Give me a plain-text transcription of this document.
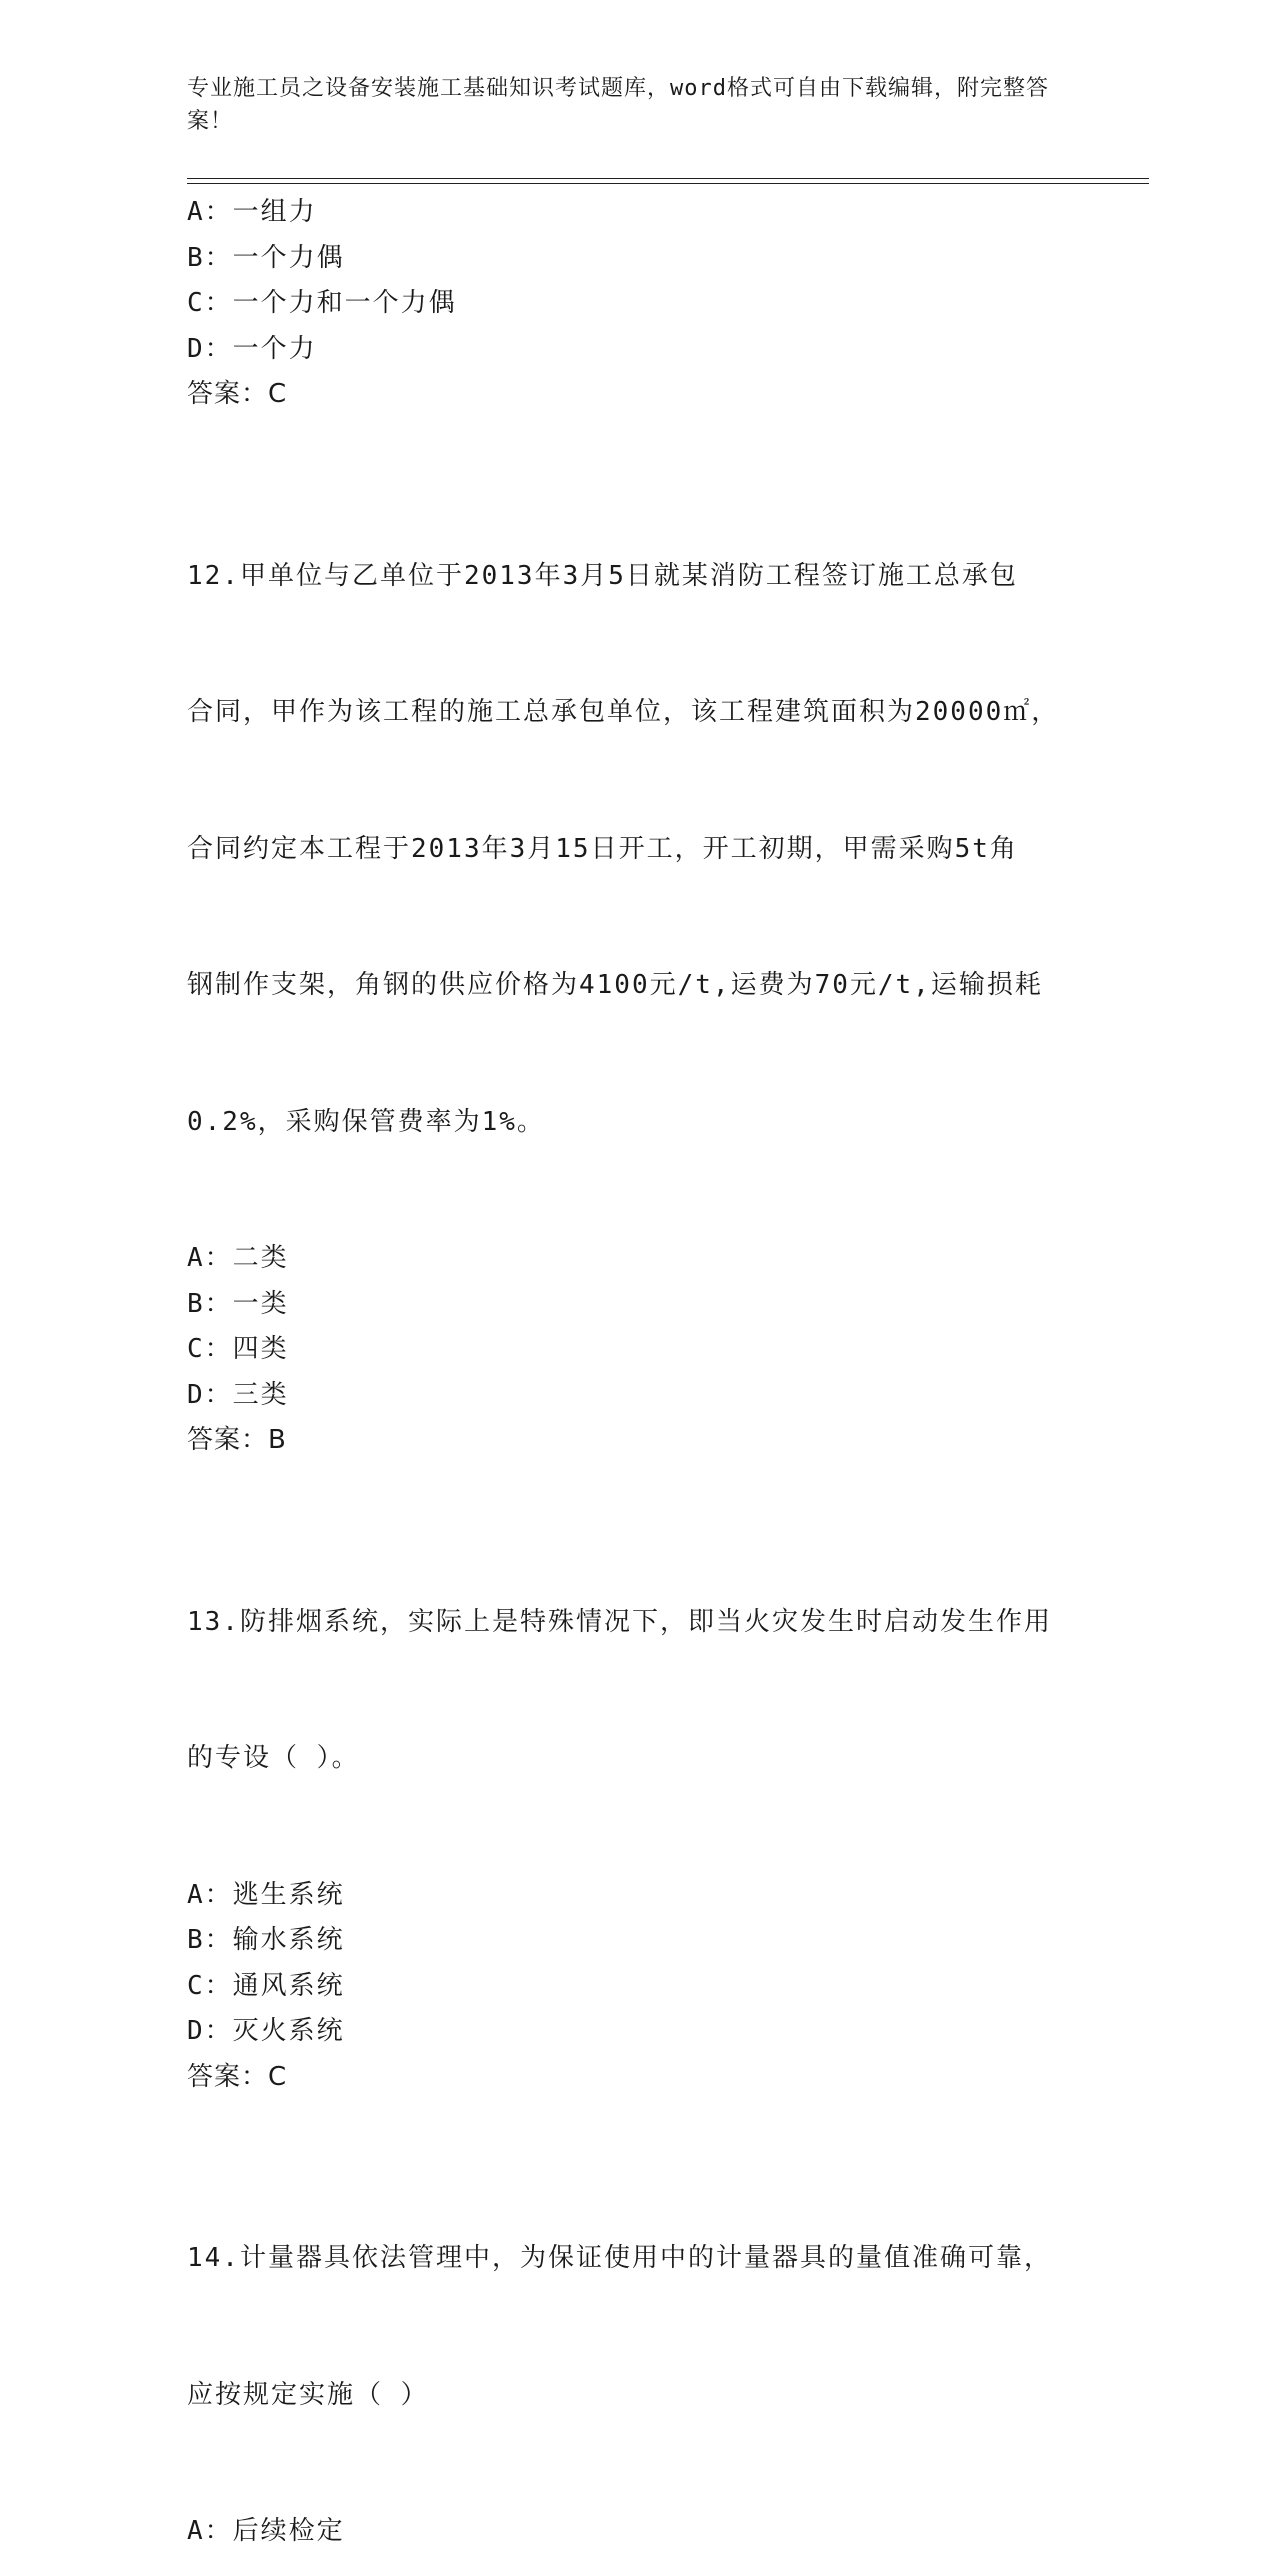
专业施工员之设备安装施工基础知识考试题库，word格式可自由下载编辑，附完整答案！
A：一组力
B：一个力偶
C：一个力和一个力偶
D：一个力
答案：C

12.甲单位与乙单位于2013年3月5日就某消防工程签订施工总承包

合同，甲作为该工程的施工总承包单位，该工程建筑面积为20000㎡，

合同约定本工程于2013年3月15日开工，开工初期，甲需采购5t角

钢制作支架，角钢的供应价格为4100元/t,运费为70元/t,运输损耗

0.2%，采购保管费率为1%。

A：二类
B：一类
C：四类
D：三类
答案：B

13.防排烟系统，实际上是特殊情况下，即当火灾发生时启动发生作用

的专设（ ）。

A：逃生系统
B：输水系统
C：通风系统
D：灭火系统
答案：C

14.计量器具依法管理中，为保证使用中的计量器具的量值准确可靠，

应按规定实施（ ）

A：后续检定
